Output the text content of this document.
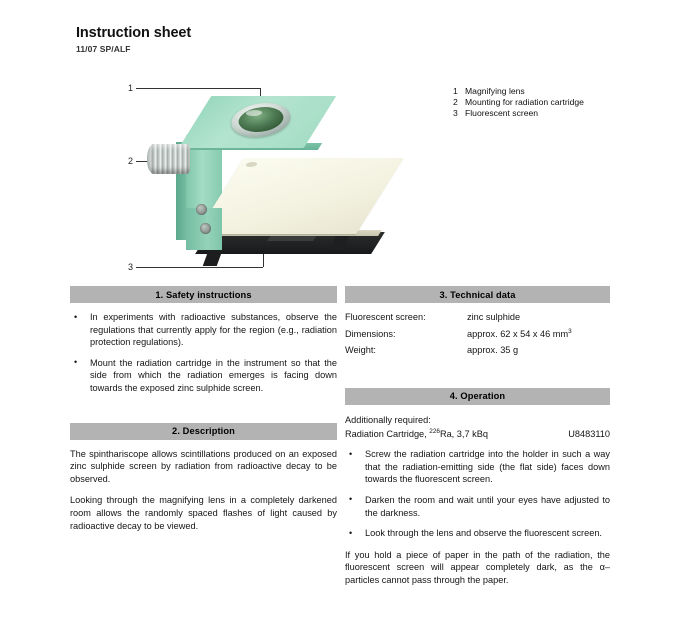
Instruction sheet
11/07 SP/ALF
1
2
3
1 Magnifying lens
2 Mounting for radiation cartridge
3 Fluorescent screen
1. Safety instructions
• In experiments with radioactive substances, observe the regulations that currently apply for the region (e.g., radiation protection regulations).
• Mount the radiation cartridge in the instrument so that the side from which the radiation emerges is facing down towards the exposed zinc sulphide screen.
2. Description
The spinthariscope allows scintillations produced on an exposed zinc sulphide screen by radiation from radioactive decay to be observed.
Looking through the magnifying lens in a completely darkened room allows the randomly spaced flashes of light caused by radioactive decay to be viewed.
3. Technical data
Fluorescent screen:	zinc sulphide
Dimensions:	approx. 62 x 54 x 46 $mm^3$
Weight:	approx. 35 g
4. Operation
Additionally required:
Radiation Cartridge, $^{226}$Ra, 3,7 kBq	U8483110
• Screw the radiation cartridge into the holder in such a way that the radiation-emitting side (the flat side) faces down towards the fluorescent screen.
• Darken the room and wait until your eyes have adjusted to the darkness.
• Look through the lens and observe the fluorescent screen.
If you hold a piece of paper in the path of the radiation, the fluorescent screen will appear completely dark, as the α–particles cannot pass through the paper.
